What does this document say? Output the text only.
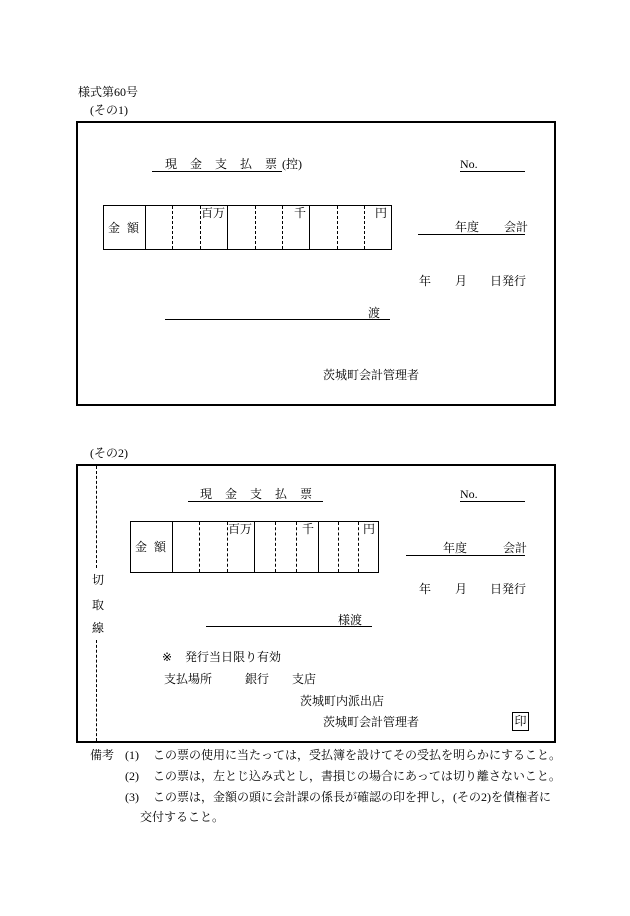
様式第60号
(その1)
現 金 支 払 票(控)	No.
金 額			百万			千			円
年度 会計
年 月 日発行
渡
茨城町会計管理者
(その2)
切
取
線
現 金 支 払 票	No.
金 額			百万			千			円
年度	会計
年 月 日発行
様渡
※ 発行当日限り有効
支払場所	銀行 支店
茨城町内派出店
茨城町会計管理者	印
備考 (1) この票の使用に当たっては，受払簿を設けてその受払を明らかにすること。
(2) この票は，左とじ込み式とし，書損じの場合にあっては切り離さないこと。
(3) この票は，金額の頭に会計課の係長が確認の印を押し，(その2)を債権者に
交付すること。
